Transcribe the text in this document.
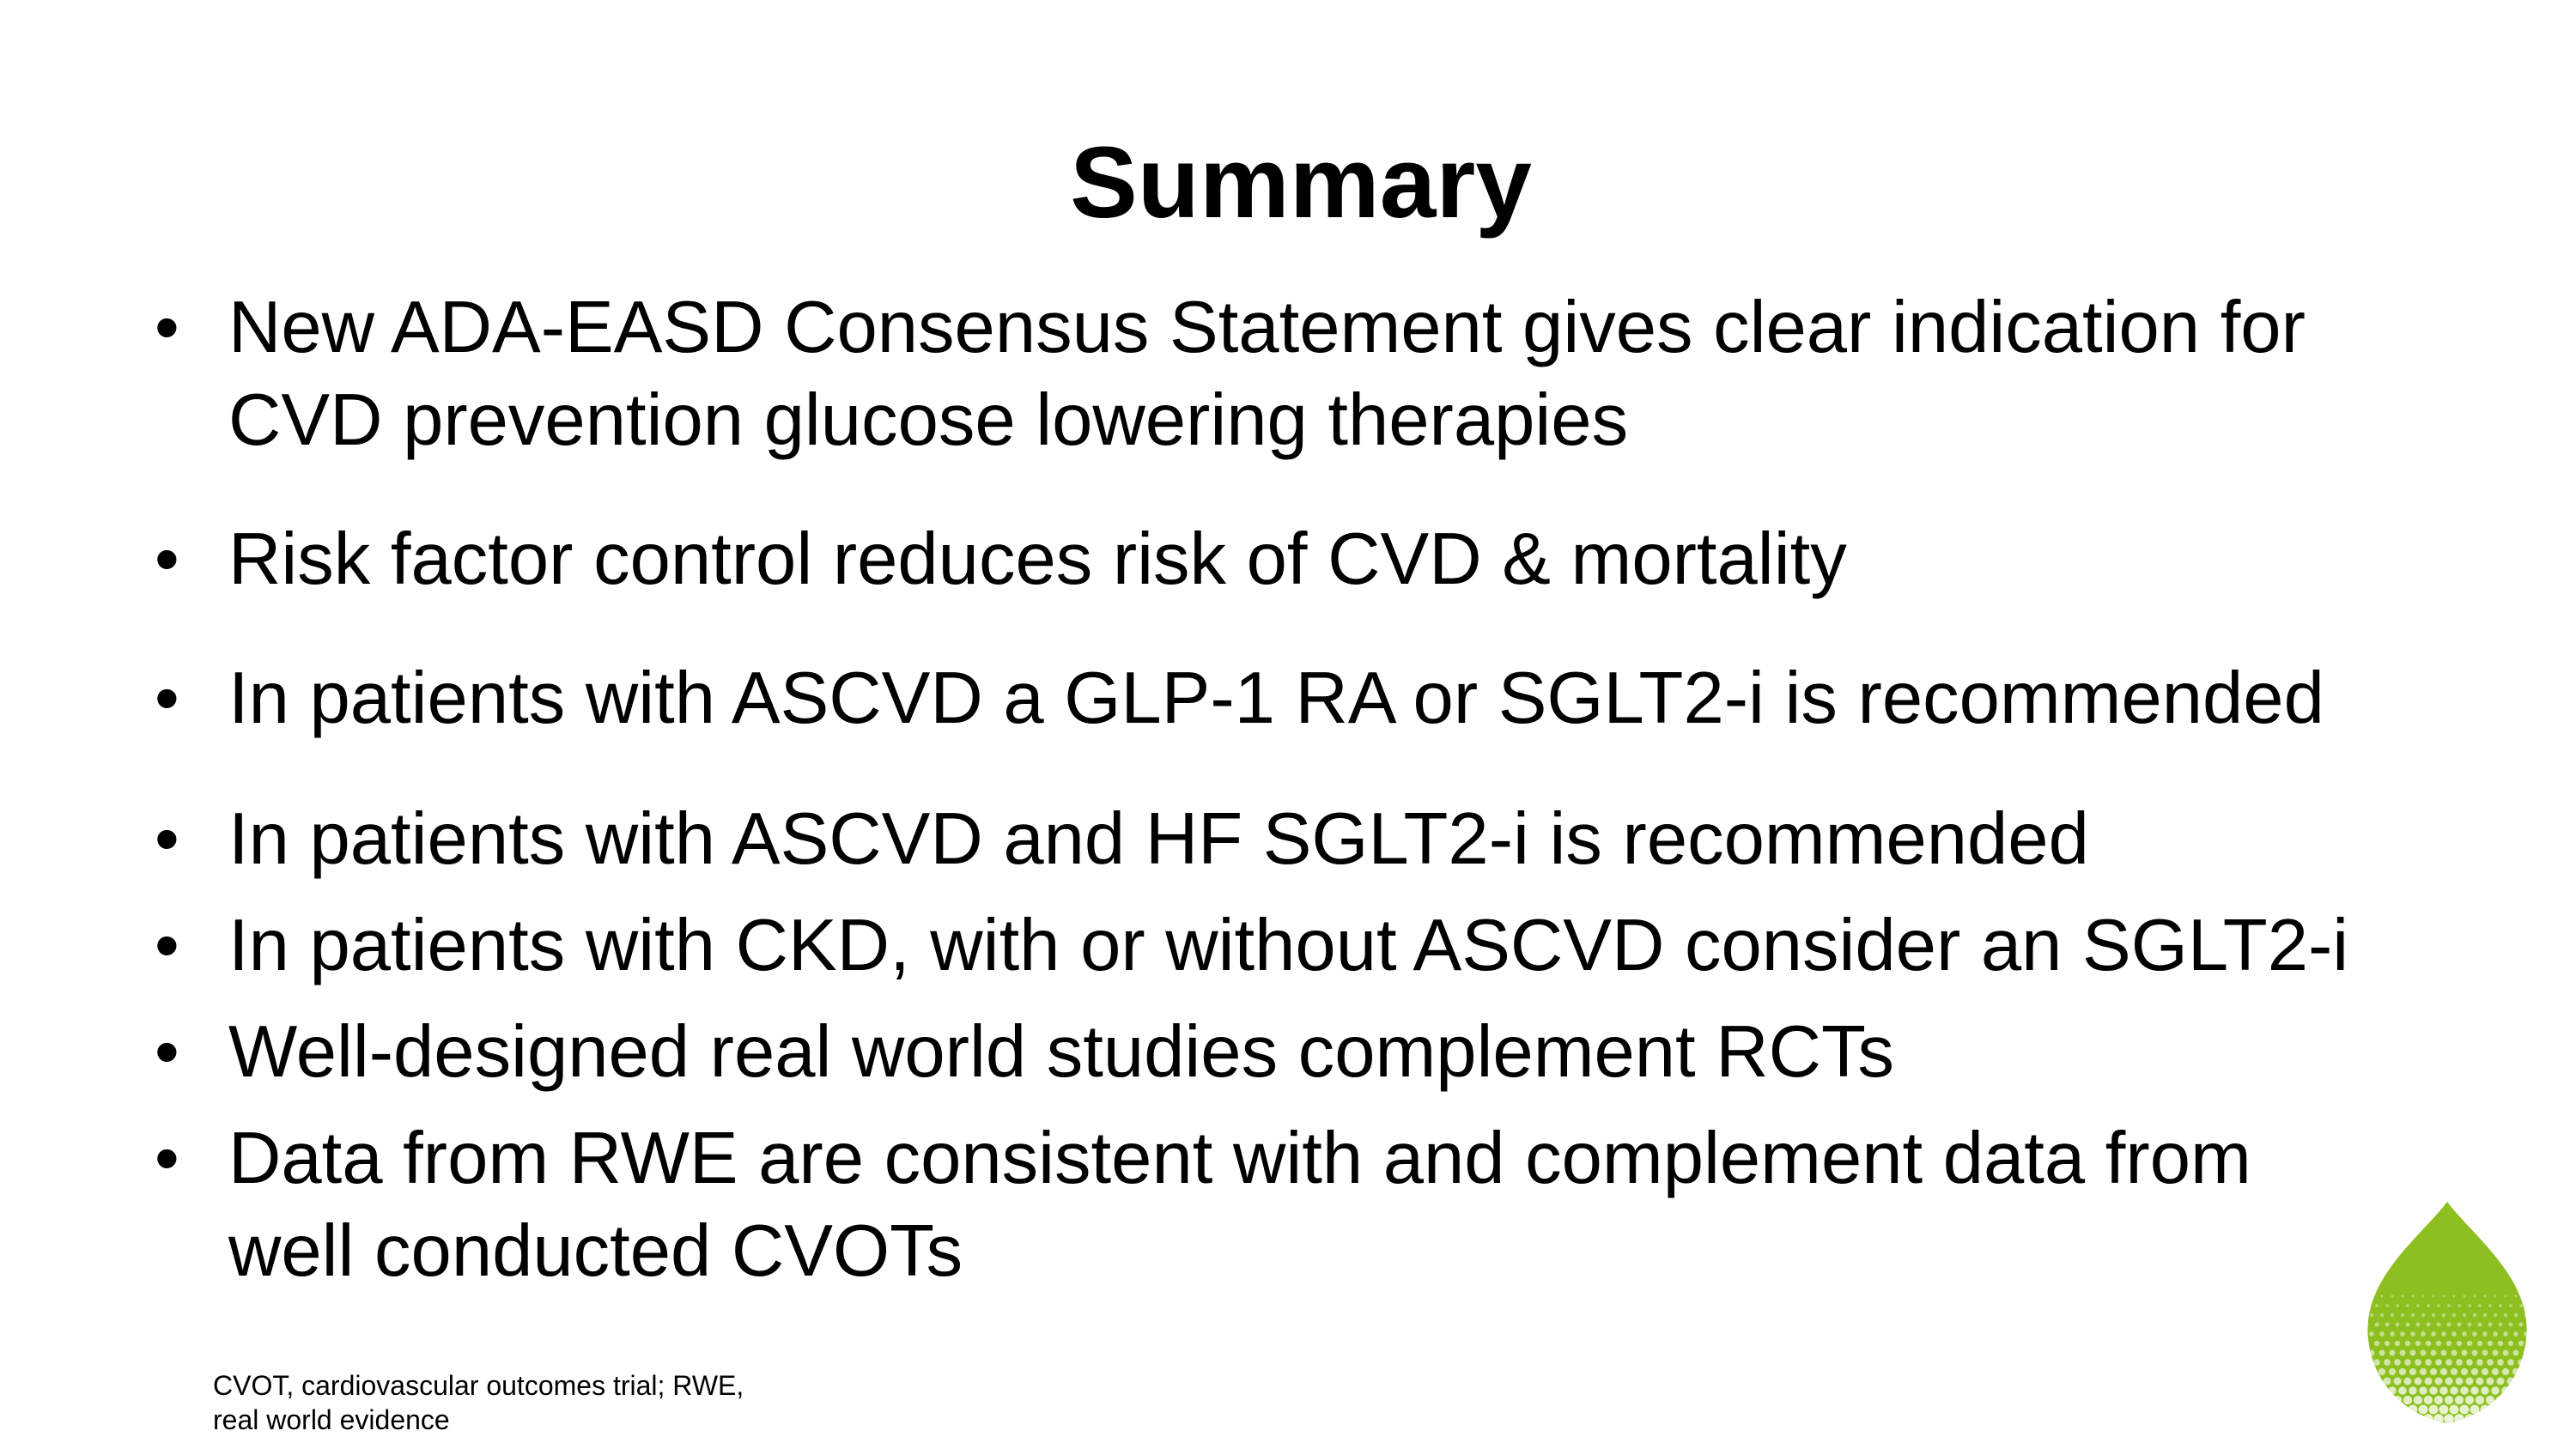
Summary
• New ADA-EASD Consensus Statement gives clear indication for
CVD prevention glucose lowering therapies
• Risk factor control reduces risk of CVD & mortality
• In patients with ASCVD a GLP-1 RA or SGLT2-i is recommended
• In patients with ASCVD and HF SGLT2-i is recommended
• In patients with CKD, with or without ASCVD consider an SGLT2-i
• Well-designed real world studies complement RCTs
• Data from RWE are consistent with and complement data from
well conducted CVOTs

CVOT, cardiovascular outcomes trial; RWE,
real world evidence
